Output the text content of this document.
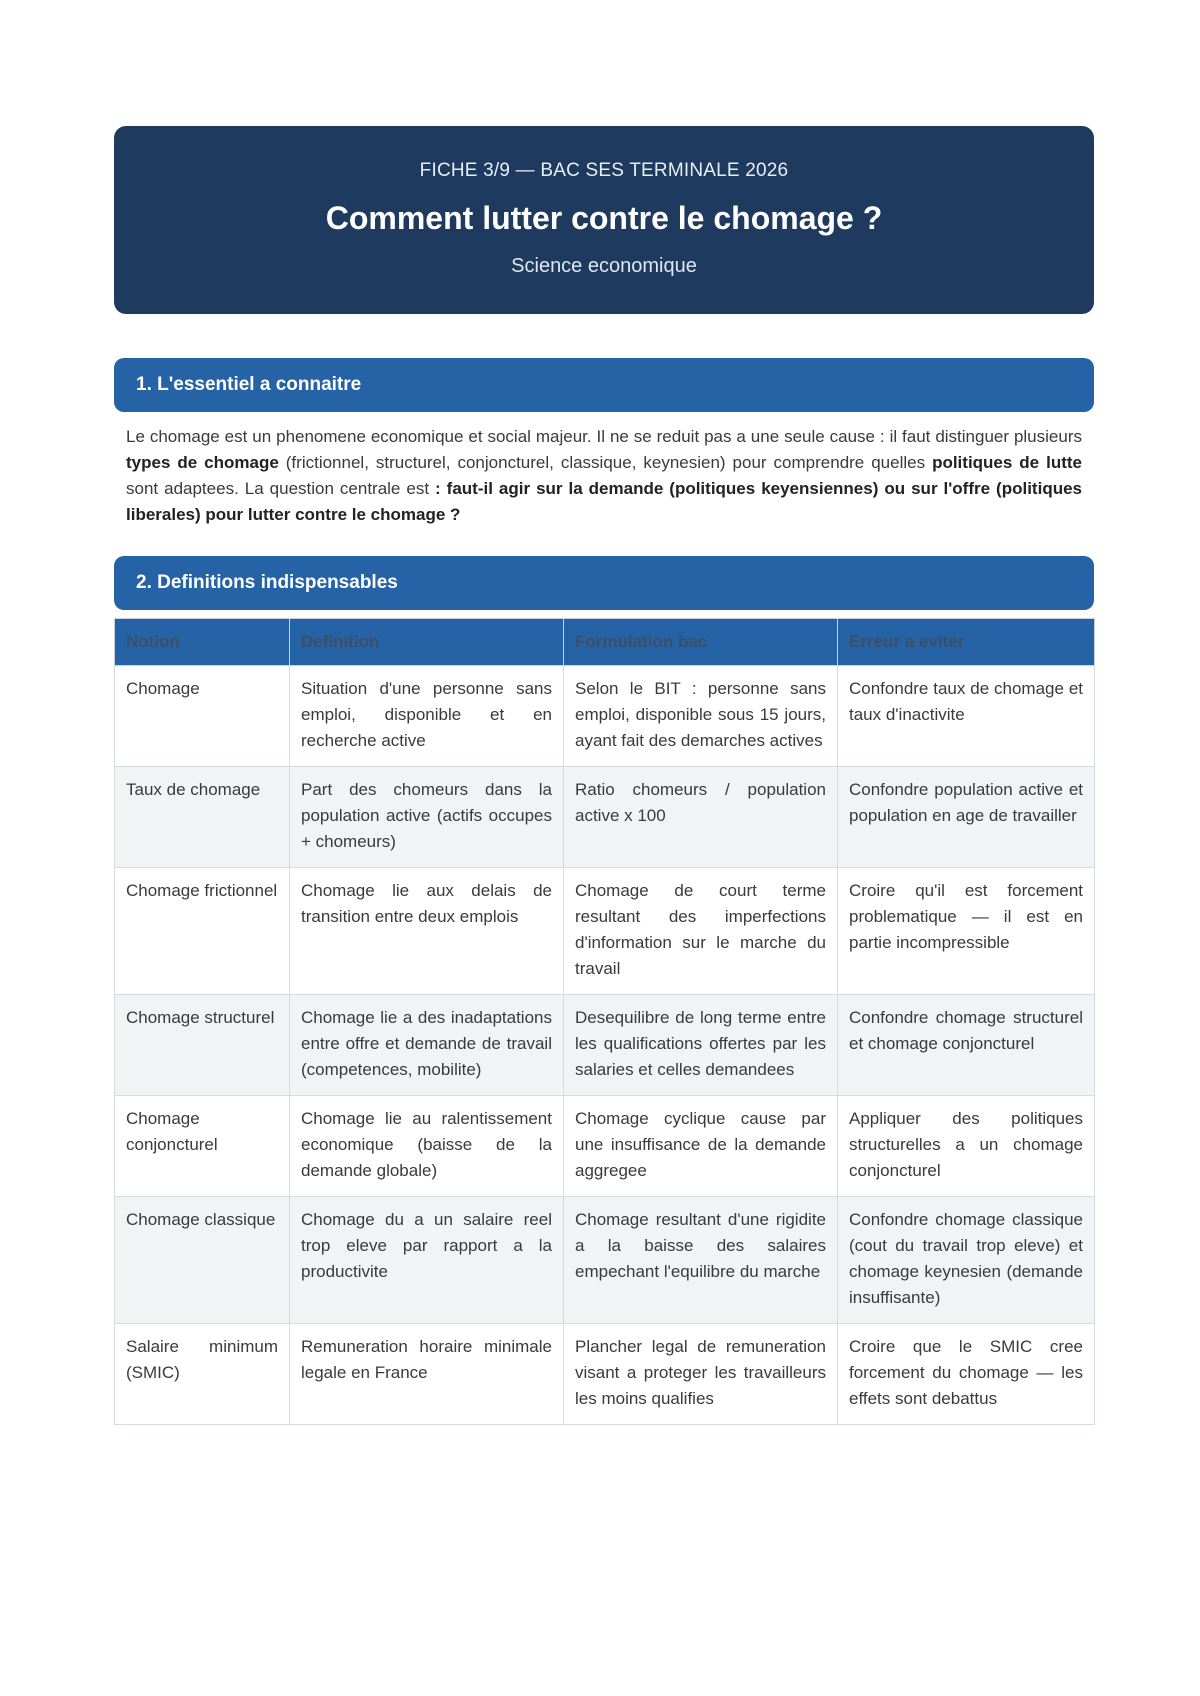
FICHE 3/9 — BAC SES TERMINALE 2026
Comment lutter contre le chomage ?
Science economique
1. L'essentiel a connaitre
Le chomage est un phenomene economique et social majeur. Il ne se reduit pas a une seule cause : il faut distinguer plusieurs types de chomage (frictionnel, structurel, conjoncturel, classique, keynesien) pour comprendre quelles politiques de lutte sont adaptees. La question centrale est : faut-il agir sur la demande (politiques keyensiennes) ou sur l'offre (politiques liberales) pour lutter contre le chomage ?
2. Definitions indispensables
Notion	Definition	Formulation bac	Erreur a eviter
Chomage	Situation d'une personne sans emploi, disponible et en recherche active	Selon le BIT : personne sans emploi, disponible sous 15 jours, ayant fait des demarches actives	Confondre taux de chomage et taux d'inactivite
Taux de chomage	Part des chomeurs dans la population active (actifs occupes + chomeurs)	Ratio chomeurs / population active x 100	Confondre population active et population en age de travailler
Chomage frictionnel	Chomage lie aux delais de transition entre deux emplois	Chomage de court terme resultant des imperfections d'information sur le marche du travail	Croire qu'il est forcement problematique — il est en partie incompressible
Chomage structurel	Chomage lie a des inadaptations entre offre et demande de travail (competences, mobilite)	Desequilibre de long terme entre les qualifications offertes par les salaries et celles demandees	Confondre chomage structurel et chomage conjoncturel
Chomage conjoncturel	Chomage lie au ralentissement economique (baisse de la demande globale)	Chomage cyclique cause par une insuffisance de la demande aggregee	Appliquer des politiques structurelles a un chomage conjoncturel
Chomage classique	Chomage du a un salaire reel trop eleve par rapport a la productivite	Chomage resultant d'une rigidite a la baisse des salaires empechant l'equilibre du marche	Confondre chomage classique (cout du travail trop eleve) et chomage keynesien (demande insuffisante)
Salaire minimum (SMIC)	Remuneration horaire minimale legale en France	Plancher legal de remuneration visant a proteger les travailleurs les moins qualifies	Croire que le SMIC cree forcement du chomage — les effets sont debattus
